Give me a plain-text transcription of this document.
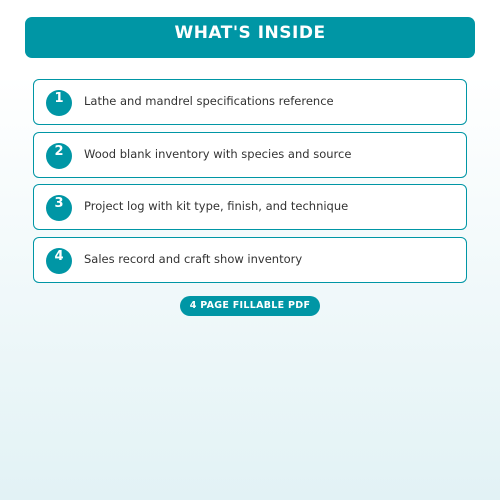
WHAT'S INSIDE
1	Lathe and mandrel specifications reference
2	Wood blank inventory with species and source
3	Project log with kit type, finish, and technique
4	Sales record and craft show inventory
4 PAGE FILLABLE PDF
